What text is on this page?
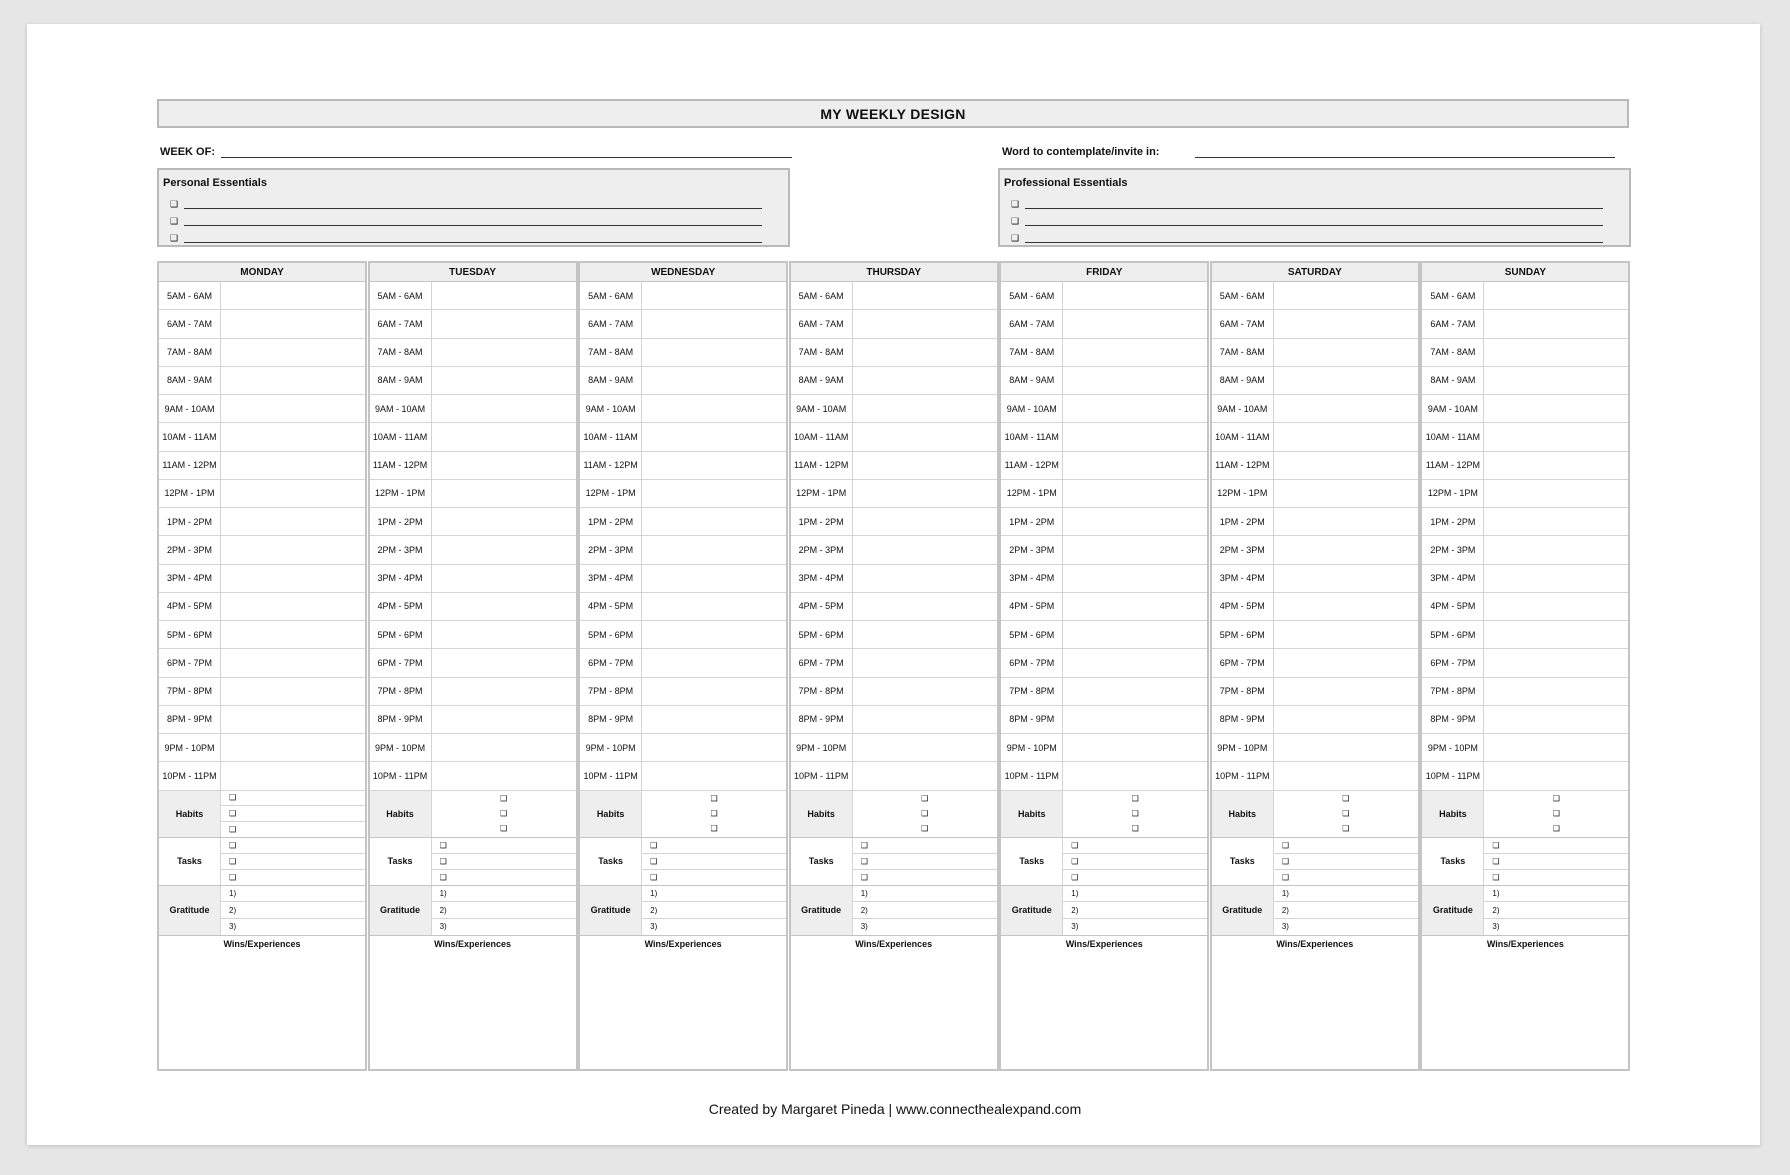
MY WEEKLY DESIGN
WEEK OF:	Word to contemplate/invite in:
Personal Essentials
❑
❑
❑
Professional Essentials
❑
❑
❑
MONDAY
5AM - 6AM
6AM - 7AM
7AM - 8AM
8AM - 9AM
9AM - 10AM
10AM - 11AM
11AM - 12PM
12PM - 1PM
1PM - 2PM
2PM - 3PM
3PM - 4PM
4PM - 5PM
5PM - 6PM
6PM - 7PM
7PM - 8PM
8PM - 9PM
9PM - 10PM
10PM - 11PM
Habits
❑
❑
❑
Tasks
❑
❑
❑
Gratitude
1)
2)
3)
Wins/Experiences
TUESDAY
5AM - 6AM
6AM - 7AM
7AM - 8AM
8AM - 9AM
9AM - 10AM
10AM - 11AM
11AM - 12PM
12PM - 1PM
1PM - 2PM
2PM - 3PM
3PM - 4PM
4PM - 5PM
5PM - 6PM
6PM - 7PM
7PM - 8PM
8PM - 9PM
9PM - 10PM
10PM - 11PM
Habits
❑
❑
❑
Tasks
❑
❑
❑
Gratitude
1)
2)
3)
Wins/Experiences
WEDNESDAY
5AM - 6AM
6AM - 7AM
7AM - 8AM
8AM - 9AM
9AM - 10AM
10AM - 11AM
11AM - 12PM
12PM - 1PM
1PM - 2PM
2PM - 3PM
3PM - 4PM
4PM - 5PM
5PM - 6PM
6PM - 7PM
7PM - 8PM
8PM - 9PM
9PM - 10PM
10PM - 11PM
Habits
❑
❑
❑
Tasks
❑
❑
❑
Gratitude
1)
2)
3)
Wins/Experiences
THURSDAY
5AM - 6AM
6AM - 7AM
7AM - 8AM
8AM - 9AM
9AM - 10AM
10AM - 11AM
11AM - 12PM
12PM - 1PM
1PM - 2PM
2PM - 3PM
3PM - 4PM
4PM - 5PM
5PM - 6PM
6PM - 7PM
7PM - 8PM
8PM - 9PM
9PM - 10PM
10PM - 11PM
Habits
❑
❑
❑
Tasks
❑
❑
❑
Gratitude
1)
2)
3)
Wins/Experiences
FRIDAY
5AM - 6AM
6AM - 7AM
7AM - 8AM
8AM - 9AM
9AM - 10AM
10AM - 11AM
11AM - 12PM
12PM - 1PM
1PM - 2PM
2PM - 3PM
3PM - 4PM
4PM - 5PM
5PM - 6PM
6PM - 7PM
7PM - 8PM
8PM - 9PM
9PM - 10PM
10PM - 11PM
Habits
❑
❑
❑
Tasks
❑
❑
❑
Gratitude
1)
2)
3)
Wins/Experiences
SATURDAY
5AM - 6AM
6AM - 7AM
7AM - 8AM
8AM - 9AM
9AM - 10AM
10AM - 11AM
11AM - 12PM
12PM - 1PM
1PM - 2PM
2PM - 3PM
3PM - 4PM
4PM - 5PM
5PM - 6PM
6PM - 7PM
7PM - 8PM
8PM - 9PM
9PM - 10PM
10PM - 11PM
Habits
❑
❑
❑
Tasks
❑
❑
❑
Gratitude
1)
2)
3)
Wins/Experiences
SUNDAY
5AM - 6AM
6AM - 7AM
7AM - 8AM
8AM - 9AM
9AM - 10AM
10AM - 11AM
11AM - 12PM
12PM - 1PM
1PM - 2PM
2PM - 3PM
3PM - 4PM
4PM - 5PM
5PM - 6PM
6PM - 7PM
7PM - 8PM
8PM - 9PM
9PM - 10PM
10PM - 11PM
Habits
❑
❑
❑
Tasks
❑
❑
❑
Gratitude
1)
2)
3)
Wins/Experiences
Created by Margaret Pineda | www.connecthealexpand.com
